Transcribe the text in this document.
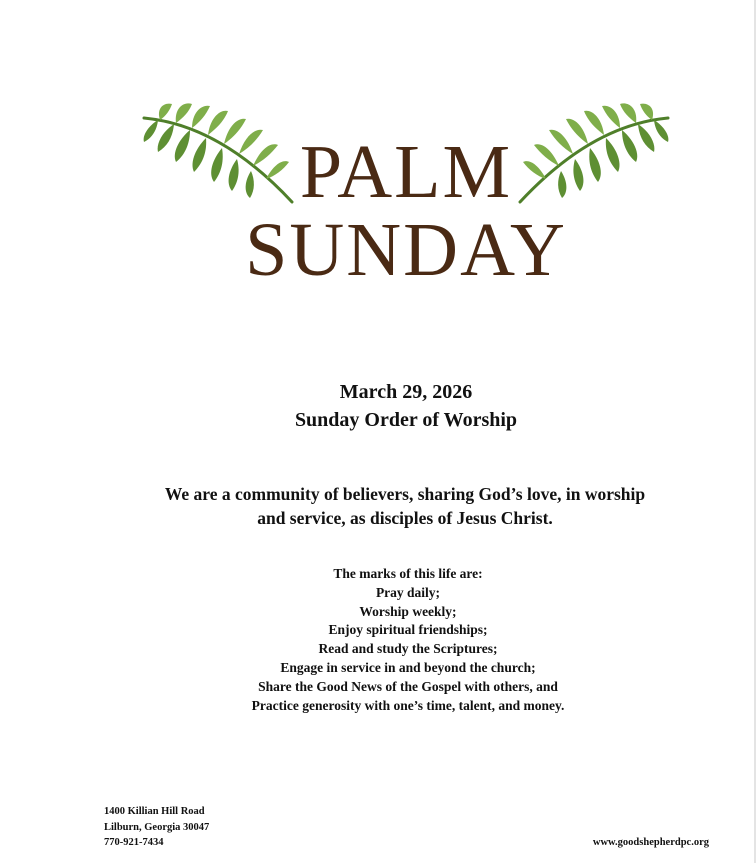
PALM
SUNDAY
March 29, 2026
Sunday Order of Worship
We are a community of believers, sharing God’s love, in worship
and service, as disciples of Jesus Christ.
The marks of this life are:
Pray daily;
Worship weekly;
Enjoy spiritual friendships;
Read and study the Scriptures;
Engage in service in and beyond the church;
Share the Good News of the Gospel with others, and
Practice generosity with one’s time, talent, and money.
1400 Killian Hill Road
Lilburn, Georgia 30047
770-921-7434	www.goodshepherdpc.org
